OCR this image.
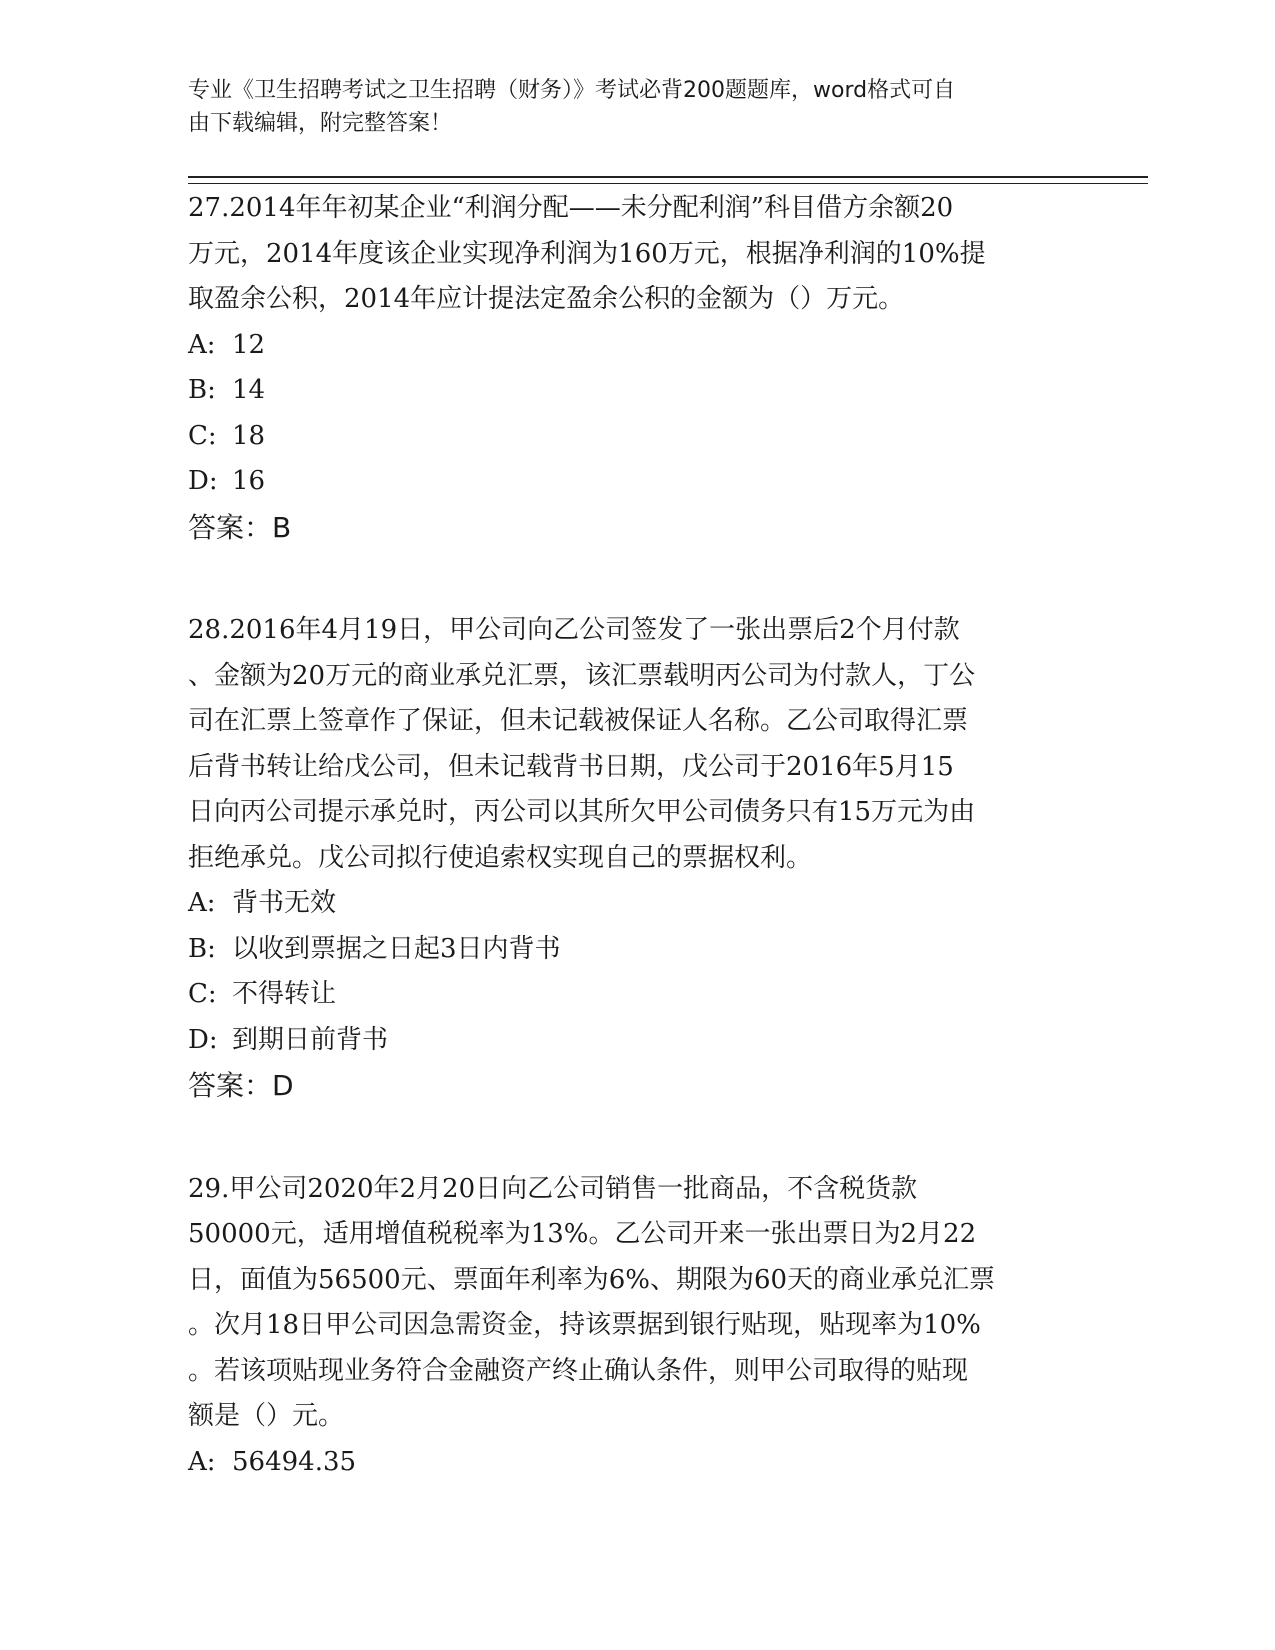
专业《卫生招聘考试之卫生招聘（财务）》考试必背200题题库，word格式可自
由下载编辑，附完整答案！

27.2014年年初某企业“利润分配——未分配利润”科目借方余额20

万元，2014年度该企业实现净利润为160万元，根据净利润的10%提

取盈余公积，2014年应计提法定盈余公积的金额为（）万元。

A: 12

B: 14

C: 18

D: 16

答案：B

28.2016年4月19日，甲公司向乙公司签发了一张出票后2个月付款

、金额为20万元的商业承兑汇票，该汇票载明丙公司为付款人，丁公

司在汇票上签章作了保证，但未记载被保证人名称。乙公司取得汇票

后背书转让给戊公司，但未记载背书日期，戊公司于2016年5月15

日向丙公司提示承兑时，丙公司以其所欠甲公司债务只有15万元为由

拒绝承兑。戊公司拟行使追索权实现自己的票据权利。

A: 背书无效

B: 以收到票据之日起3日内背书

C: 不得转让

D: 到期日前背书

答案：D

29.甲公司2020年2月20日向乙公司销售一批商品，不含税货款

50000元，适用增值税税率为13%。乙公司开来一张出票日为2月22

日，面值为56500元、票面年利率为6%、期限为60天的商业承兑汇票

。次月18日甲公司因急需资金，持该票据到银行贴现，贴现率为10%

。若该项贴现业务符合金融资产终止确认条件，则甲公司取得的贴现

额是（）元。

A: 56494.35
